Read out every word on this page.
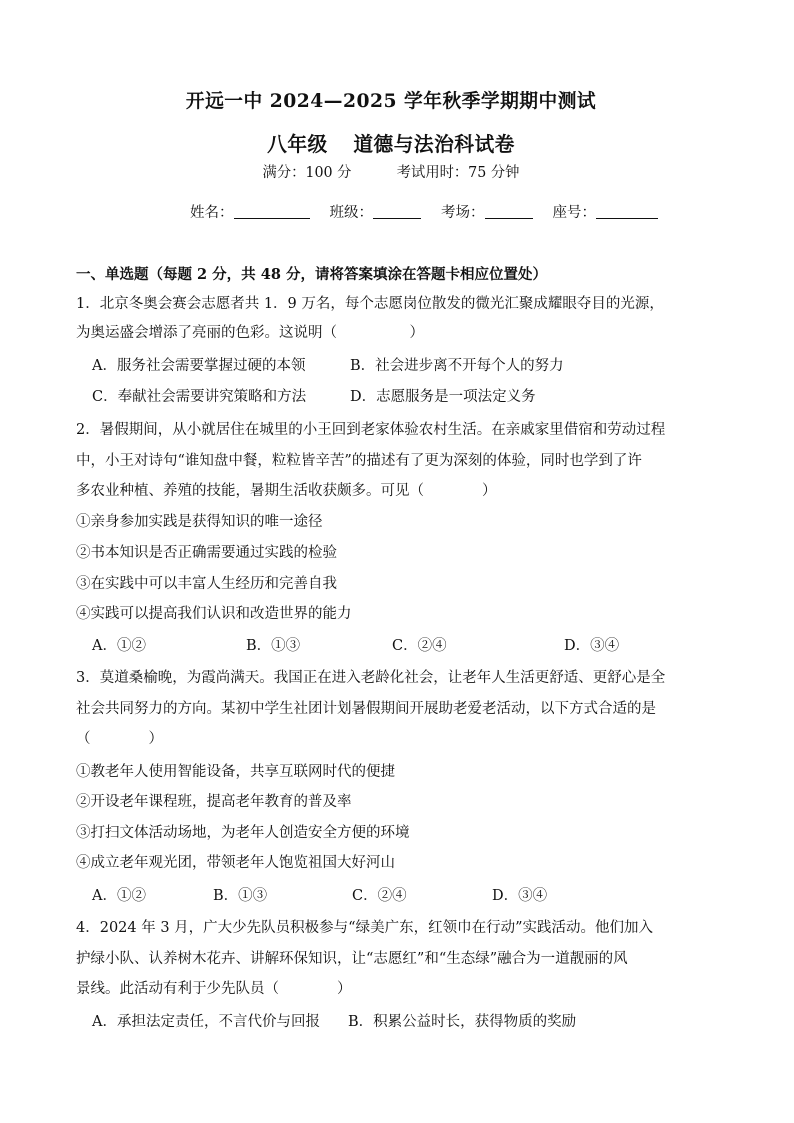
开远一中 2024—2025 学年秋季学期期中测试
八年级 道德与法治科试卷
满分：100 分	考试用时：75 分钟
姓名：	班级：	考场：	座号：
一、单选题（每题 2 分，共 48 分，请将答案填涂在答题卡相应位置处）
1．北京冬奥会赛会志愿者共 1．9 万名，每个志愿岗位散发的微光汇聚成耀眼夺目的光源，
为奥运盛会增添了亮丽的色彩。这说明（　　　　　）
A．服务社会需要掌握过硬的本领	B．社会进步离不开每个人的努力
C．奉献社会需要讲究策略和方法	D．志愿服务是一项法定义务
2．暑假期间，从小就居住在城里的小王回到老家体验农村生活。在亲戚家里借宿和劳动过程
中，小王对诗句“谁知盘中餐，粒粒皆辛苦”的描述有了更为深刻的体验，同时也学到了许
多农业种植、养殖的技能，暑期生活收获颇多。可见（　　　　）
①亲身参加实践是获得知识的唯一途径
②书本知识是否正确需要通过实践的检验
③在实践中可以丰富人生经历和完善自我
④实践可以提高我们认识和改造世界的能力
A．①②	B．①③	C．②④	D．③④
3．莫道桑榆晚，为霞尚满天。我国正在进入老龄化社会，让老年人生活更舒适、更舒心是全
社会共同努力的方向。某初中学生社团计划暑假期间开展助老爱老活动，以下方式合适的是
（　　　　）
①教老年人使用智能设备，共享互联网时代的便捷
②开设老年课程班，提高老年教育的普及率
③打扫文体活动场地，为老年人创造安全方便的环境
④成立老年观光团，带领老年人饱览祖国大好河山
A．①②	B．①③	C．②④	D．③④
4．2024 年 3 月，广大少先队员积极参与“绿美广东，红领巾在行动”实践活动。他们加入
护绿小队、认养树木花卉、讲解环保知识，让“志愿红”和“生态绿”融合为一道靓丽的风
景线。此活动有利于少先队员（　　　　）
A．承担法定责任，不言代价与回报 B．积累公益时长，获得物质的奖励
